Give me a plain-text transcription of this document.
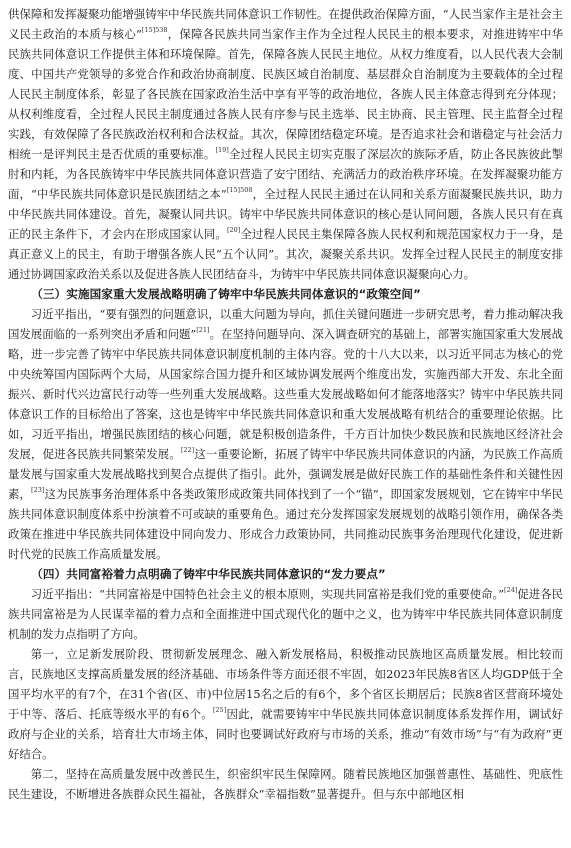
供保障和发挥凝聚功能增强铸牢中华民族共同体意识工作韧性。在提供政治保障方面，“人民当家作主是社会主义民主政治的本质与核心”$^{[15]538}$，保障各民族共同当家作主作为全过程人民民主的根本要求，对推进铸牢中华民族共同体意识工作提供主体和环境保障。首先，保障各族人民民主地位。从权力维度看，以人民代表大会制度、中国共产党领导的多党合作和政治协商制度、民族区域自治制度、基层群众自治制度为主要载体的全过程人民民主制度体系，彰显了各民族在国家政治生活中享有平等的政治地位，各族人民主体意志得到充分体现；从权利维度看，全过程人民民主制度通过各族人民有序参与民主选举、民主协商、民主管理、民主监督全过程实践，有效保障了各民族政治权利和合法权益。其次，保障团结稳定环境。是否追求社会和谐稳定与社会活力相统一是评判民主是否优质的重要标准。[19]全过程人民民主切实克服了深层次的族际矛盾，防止各民族彼此掣肘和内耗，为各民族铸牢中华民族共同体意识营造了安宁团结、充满活力的政治秩序环境。在发挥凝聚功能方面，“中华民族共同体意识是民族团结之本”$^{[15]508}$，全过程人民民主通过在认同和关系方面凝聚民族共识，助力中华民族共同体建设。首先，凝聚认同共识。铸牢中华民族共同体意识的核心是认同问题，各族人民只有在真正的民主条件下，才会内在形成国家认同。[20]全过程人民民主集保障各族人民权利和规范国家权力于一身，是真正意义上的民主，有助于增强各族人民“五个认同”。其次，凝聚关系共识。发挥全过程人民民主的制度安排通过协调国家政治关系以及促进各族人民团结奋斗，为铸牢中华民族共同体意识凝聚向心力。

（三）实施国家重大发展战略明确了铸牢中华民族共同体意识的“政策空间”

习近平指出，“要有强烈的问题意识，以重大问题为导向，抓住关键问题进一步研究思考，着力推动解决我国发展面临的一系列突出矛盾和问题”[21]。在坚持问题导向、深入调查研究的基础上，部署实施国家重大发展战略，进一步完善了铸牢中华民族共同体意识制度机制的主体内容。党的十八大以来，以习近平同志为核心的党中央统筹国内国际两个大局，从国家综合国力提升和区域协调发展两个维度出发，实施西部大开发、东北全面振兴、新时代兴边富民行动等一些列重大发展战略。这些重大发展战略如何才能落地落实？铸牢中华民族共同体意识工作的目标给出了答案，这也是铸牢中华民族共同体意识和重大发展战略有机结合的重要理论依据。比如，习近平指出，增强民族团结的核心问题，就是积极创造条件，千方百计加快少数民族和民族地区经济社会发展，促进各民族共同繁荣发展。[22]这一重要论断，拓展了铸牢中华民族共同体意识的内涵，为民族工作高质量发展与国家重大发展战略找到契合点提供了指引。此外，强调发展是做好民族工作的基础性条件和关键性因素，[23]这为民族事务治理体系中各类政策形成政策共同体找到了一个“锚”，即国家发展规划，它在铸牢中华民族共同体意识制度体系中扮演着不可或缺的重要角色。通过充分发挥国家发展规划的战略引领作用，确保各类政策在推进中华民族共同体建设中同向发力、形成合力政策协同，共同推动民族事务治理现代化建设，促进新时代党的民族工作高质量发展。

（四）共同富裕着力点明确了铸牢中华民族共同体意识的“发力要点”

习近平指出：“共同富裕是中国特色社会主义的根本原则，实现共同富裕是我们党的重要使命。”[24]促进各民族共同富裕是为人民谋幸福的着力点和全面推进中国式现代化的题中之义，也为铸牢中华民族共同体意识制度机制的发力点指明了方向。

第一，立足新发展阶段、贯彻新发展理念、融入新发展格局，积极推动民族地区高质量发展。相比较而言，民族地区支撑高质量发展的经济基础、市场条件等方面还很不牢固，如2023年民族8省区人均GDP低于全国平均水平的有7个，在31个省(区、市)中位居15名之后的有6个，多个省区长期居后；民族8省区营商环境处于中等、落后、托底等级水平的有6个。[25]因此，就需要铸牢中华民族共同体意识制度体系发挥作用，调试好政府与企业的关系，培育壮大市场主体，同时也要调试好政府与市场的关系，推动“有效市场”与“有为政府”更好结合。

第二，坚持在高质量发展中改善民生，织密织牢民生保障网。随着民族地区加强普惠性、基础性、兜底性民生建设，不断增进各族群众民生福祉，各族群众“幸福指数”显著提升。但与东中部地区相
